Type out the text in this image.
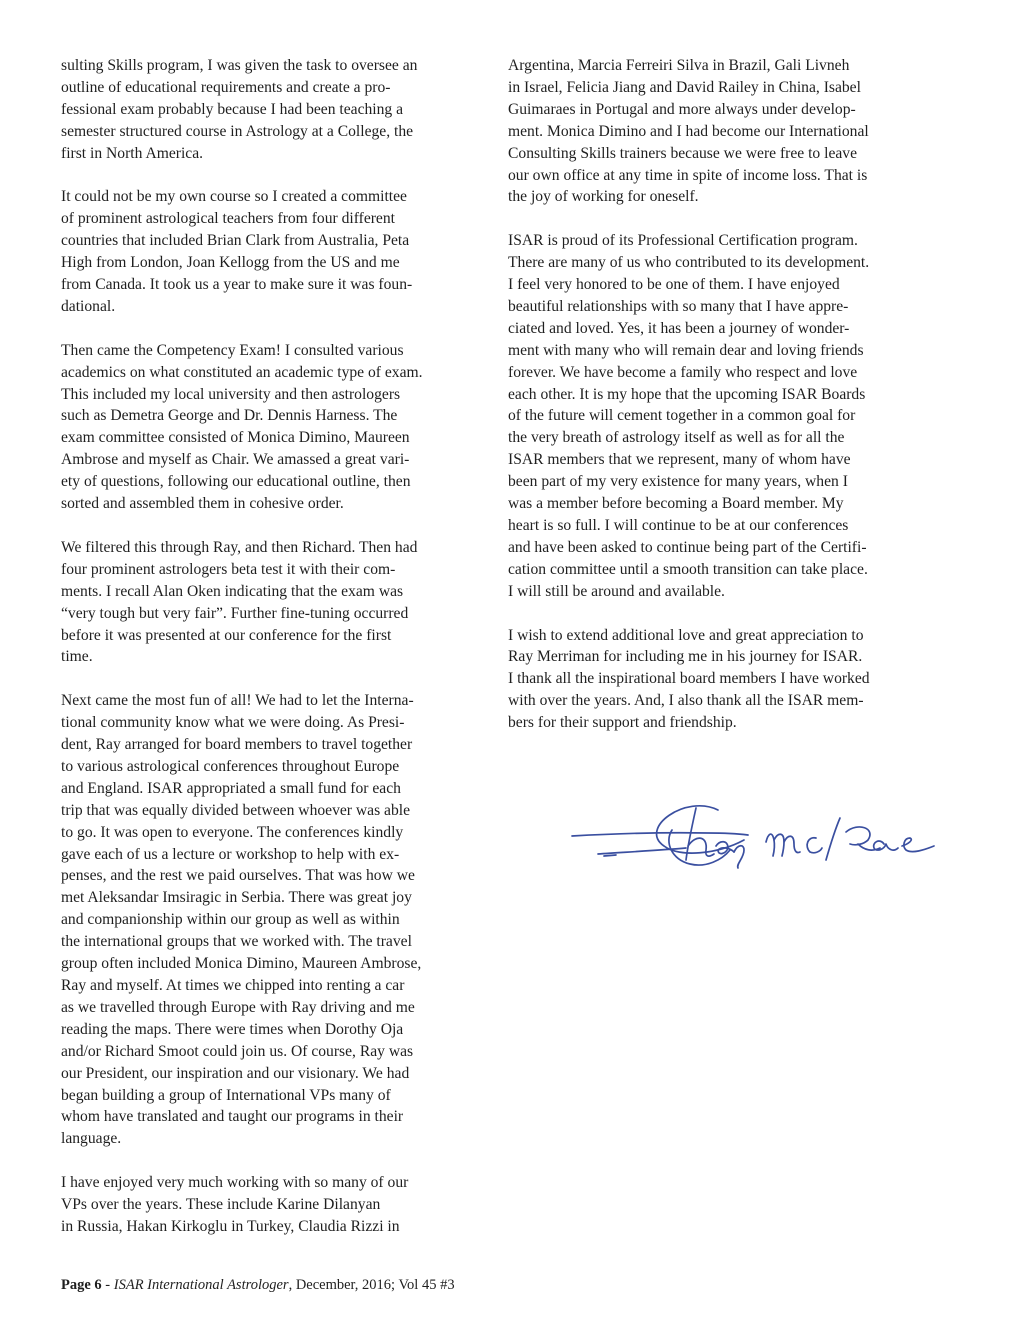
sulting Skills program, I was given the task to oversee an
outline of educational requirements and create a pro-
fessional exam probably because I had been teaching a
semester structured course in Astrology at a College, the
first in North America.
It could not be my own course so I created a committee
of prominent astrological teachers from four different
countries that included Brian Clark from Australia, Peta
High from London, Joan Kellogg from the US and me
from Canada. It took us a year to make sure it was foun-
dational.
Then came the Competency Exam! I consulted various
academics on what constituted an academic type of exam.
This included my local university and then astrologers
such as Demetra George and Dr. Dennis Harness. The
exam committee consisted of Monica Dimino, Maureen
Ambrose and myself as Chair. We amassed a great vari-
ety of questions, following our educational outline, then
sorted and assembled them in cohesive order.
We filtered this through Ray, and then Richard. Then had
four prominent astrologers beta test it with their com-
ments. I recall Alan Oken indicating that the exam was
“very tough but very fair”. Further fine-tuning occurred
before it was presented at our conference for the first
time.
Next came the most fun of all! We had to let the Interna-
tional community know what we were doing. As Presi-
dent, Ray arranged for board members to travel together
to various astrological conferences throughout Europe
and England. ISAR appropriated a small fund for each
trip that was equally divided between whoever was able
to go. It was open to everyone. The conferences kindly
gave each of us a lecture or workshop to help with ex-
penses, and the rest we paid ourselves. That was how we
met Aleksandar Imsiragic in Serbia. There was great joy
and companionship within our group as well as within
the international groups that we worked with. The travel
group often included Monica Dimino, Maureen Ambrose,
Ray and myself. At times we chipped into renting a car
as we travelled through Europe with Ray driving and me
reading the maps. There were times when Dorothy Oja
and/or Richard Smoot could join us. Of course, Ray was
our President, our inspiration and our visionary. We had
began building a group of International VPs many of
whom have translated and taught our programs in their
language.
I have enjoyed very much working with so many of our
VPs over the years. These include Karine Dilanyan
in Russia, Hakan Kirkoglu in Turkey, Claudia Rizzi in
Argentina, Marcia Ferreiri Silva in Brazil, Gali Livneh
in Israel, Felicia Jiang and David Railey in China, Isabel
Guimaraes in Portugal and more always under develop-
ment. Monica Dimino and I had become our International
Consulting Skills trainers because we were free to leave
our own office at any time in spite of income loss. That is
the joy of working for oneself.
ISAR is proud of its Professional Certification program.
There are many of us who contributed to its development.
I feel very honored to be one of them. I have enjoyed
beautiful relationships with so many that I have appre-
ciated and loved. Yes, it has been a journey of wonder-
ment with many who will remain dear and loving friends
forever. We have become a family who respect and love
each other. It is my hope that the upcoming ISAR Boards
of the future will cement together in a common goal for
the very breath of astrology itself as well as for all the
ISAR members that we represent, many of whom have
been part of my very existence for many years, when I
was a member before becoming a Board member. My
heart is so full. I will continue to be at our conferences
and have been asked to continue being part of the Certifi-
cation committee until a smooth transition can take place.
I will still be around and available.
I wish to extend additional love and great appreciation to
Ray Merriman for including me in his journey for ISAR.
I thank all the inspirational board members I have worked
with over the years. And, I also thank all the ISAR mem-
bers for their support and friendship.
Page 6 - ISAR International Astrologer, December, 2016; Vol 45 #3
